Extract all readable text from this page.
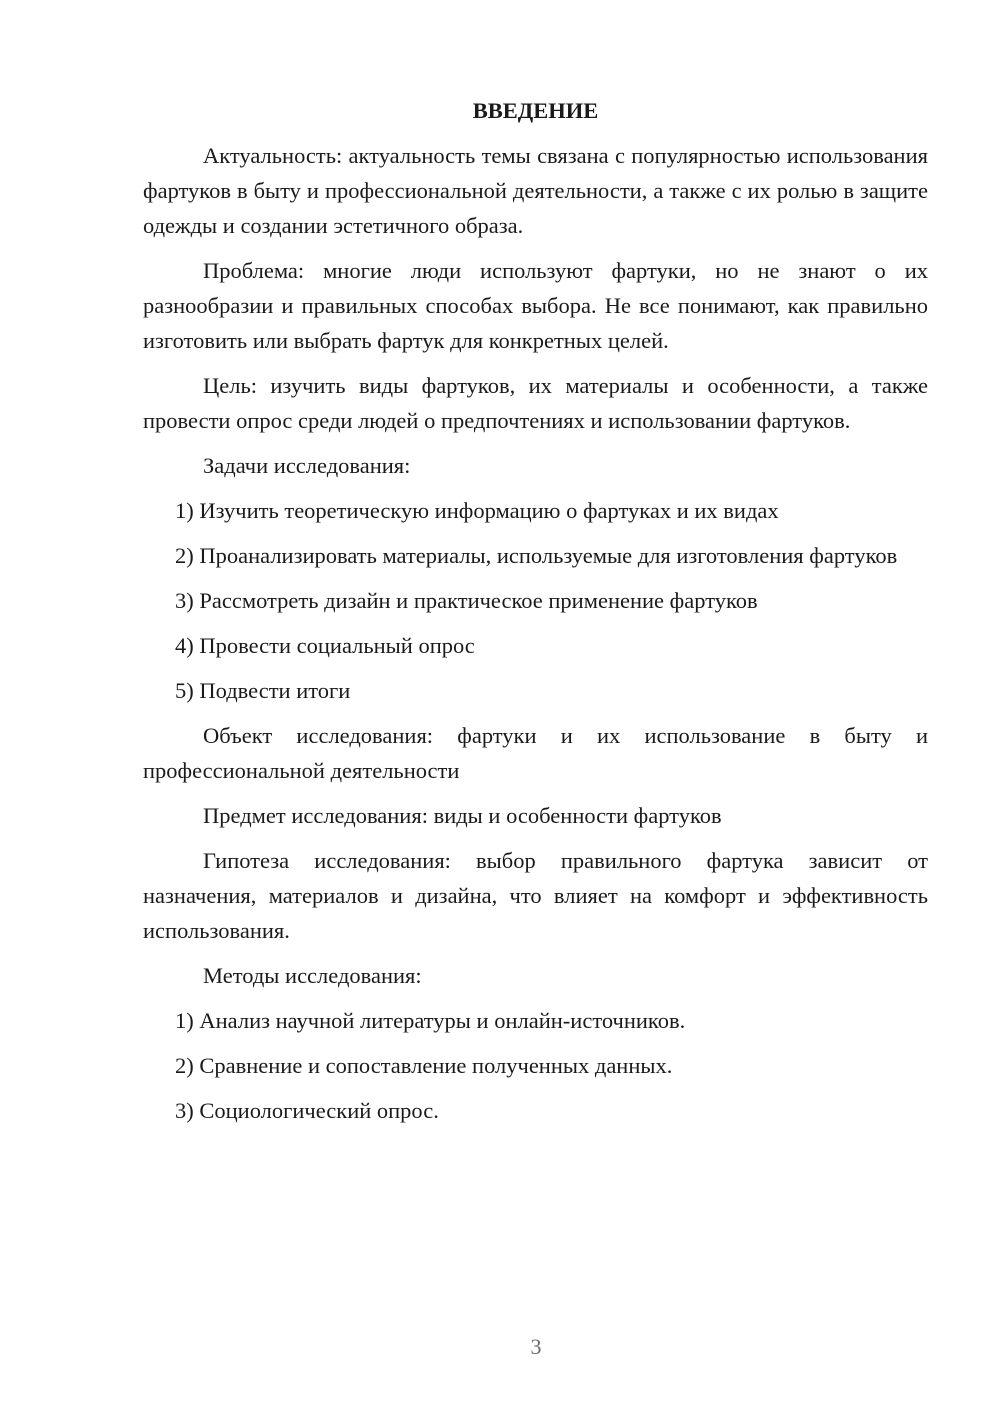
ВВЕДЕНИЕ

Актуальность: актуальность темы связана с популярностью использования фартуков в быту и профессиональной деятельности, а также с их ролью в защите одежды и создании эстетичного образа.

Проблема: многие люди используют фартуки, но не знают о их разнообразии и правильных способах выбора. Не все понимают, как правильно изготовить или выбрать фартук для конкретных целей.

Цель: изучить виды фартуков, их материалы и особенности, а также провести опрос среди людей о предпочтениях и использовании фартуков.

Задачи исследования:

1) Изучить теоретическую информацию о фартуках и их видах

2) Проанализировать материалы, используемые для изготовления фартуков

3) Рассмотреть дизайн и практическое применение фартуков

4) Провести социальный опрос

5) Подвести итоги

Объект исследования: фартуки и их использование в быту и профессиональной деятельности

Предмет исследования: виды и особенности фартуков

Гипотеза исследования: выбор правильного фартука зависит от назначения, материалов и дизайна, что влияет на комфорт и эффективность использования.

Методы исследования:

1) Анализ научной литературы и онлайн-источников.

2) Сравнение и сопоставление полученных данных.

3) Социологический опрос.

3
